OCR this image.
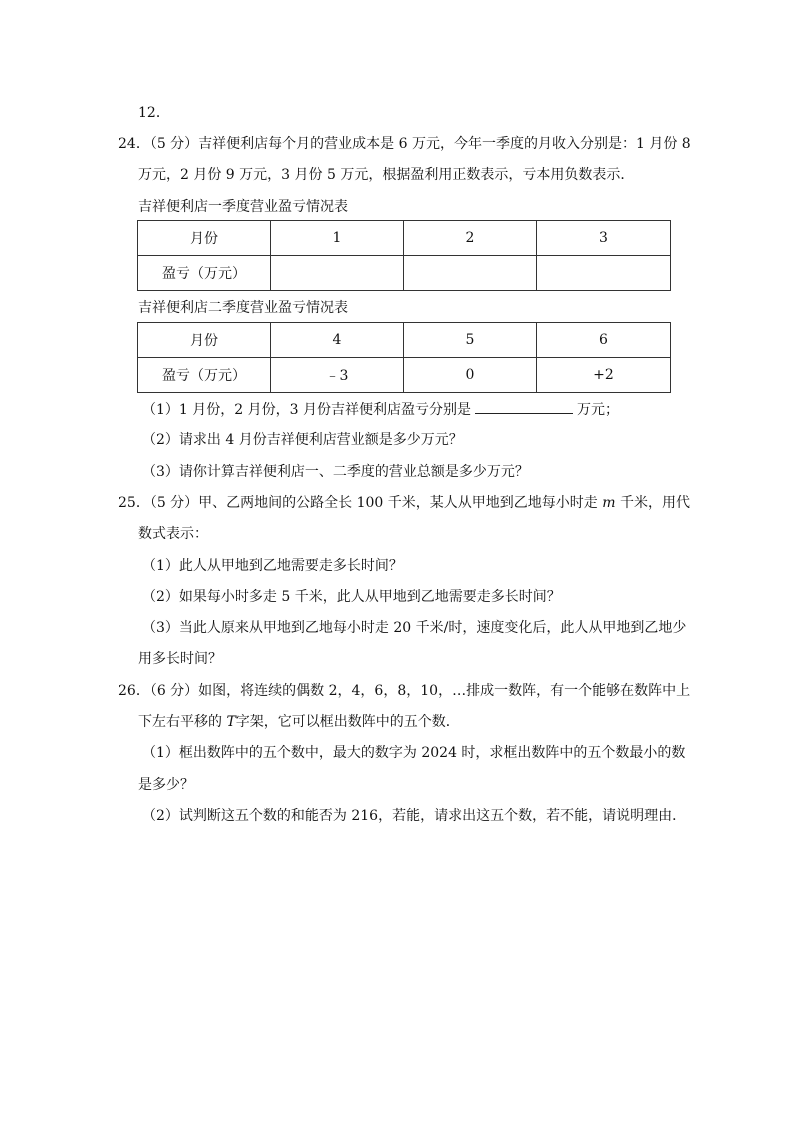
12．
24．（5 分）吉祥便利店每个月的营业成本是 6 万元，今年一季度的月收入分别是：1 月份 8
万元，2 月份 9 万元，3 月份 5 万元，根据盈利用正数表示，亏本用负数表示．
吉祥便利店一季度营业盈亏情况表
月份	1	2	3
盈亏（万元）			
吉祥便利店二季度营业盈亏情况表
月份	4	5	6
盈亏（万元）	﹣3	0	+2
（1）1 月份，2 月份，3 月份吉祥便利店盈亏分别是	万元；
（2）请求出 4 月份吉祥便利店营业额是多少万元？
（3）请你计算吉祥便利店一、二季度的营业总额是多少万元？
25．（5 分）甲、乙两地间的公路全长 100 千米，某人从甲地到乙地每小时走 m 千米，用代
数式表示：
（1）此人从甲地到乙地需要走多长时间？
（2）如果每小时多走 5 千米，此人从甲地到乙地需要走多长时间？
（3）当此人原来从甲地到乙地每小时走 20 千米/时，速度变化后，此人从甲地到乙地少
用多长时间？
26．（6 分）如图，将连续的偶数 2，4，6，8，10，…排成一数阵，有一个能够在数阵中上
下左右平移的 T字架，它可以框出数阵中的五个数．
（1）框出数阵中的五个数中，最大的数字为 2024 时，求框出数阵中的五个数最小的数
是多少？
（2）试判断这五个数的和能否为 216，若能，请求出这五个数，若不能，请说明理由．
